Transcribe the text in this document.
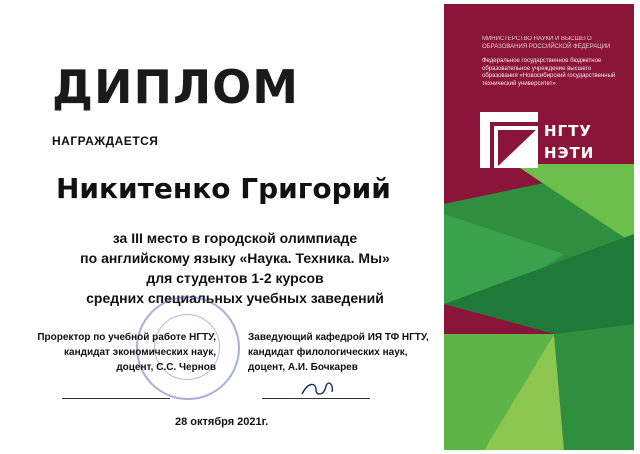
ДИПЛОМ
НАГРАЖДАЕТСЯ
Никитенко Григорий
за III место в городской олимпиаде
по английскому языку «Наука. Техника. Мы»
для студентов 1-2 курсов
средних специальных учебных заведений
Проректор по учебной работе НГТУ,
кандидат экономических наук,
доцент, С.С. Чернов
Заведующий кафедрой ИЯ ТФ НГТУ,
кандидат филологических наук,
доцент, А.И. Бочкарев
28 октября 2021г.
МИНИСТЕРСТВО НАУКИ И ВЫСШЕГО ОБРАЗОВАНИЯ РОССИЙСКОЙ ФЕДЕРАЦИИ
Федеральное государственное бюджетное образовательное учреждение высшего образования «Новосибирский государственный технический университет»
НГТУ
НЭТИ
